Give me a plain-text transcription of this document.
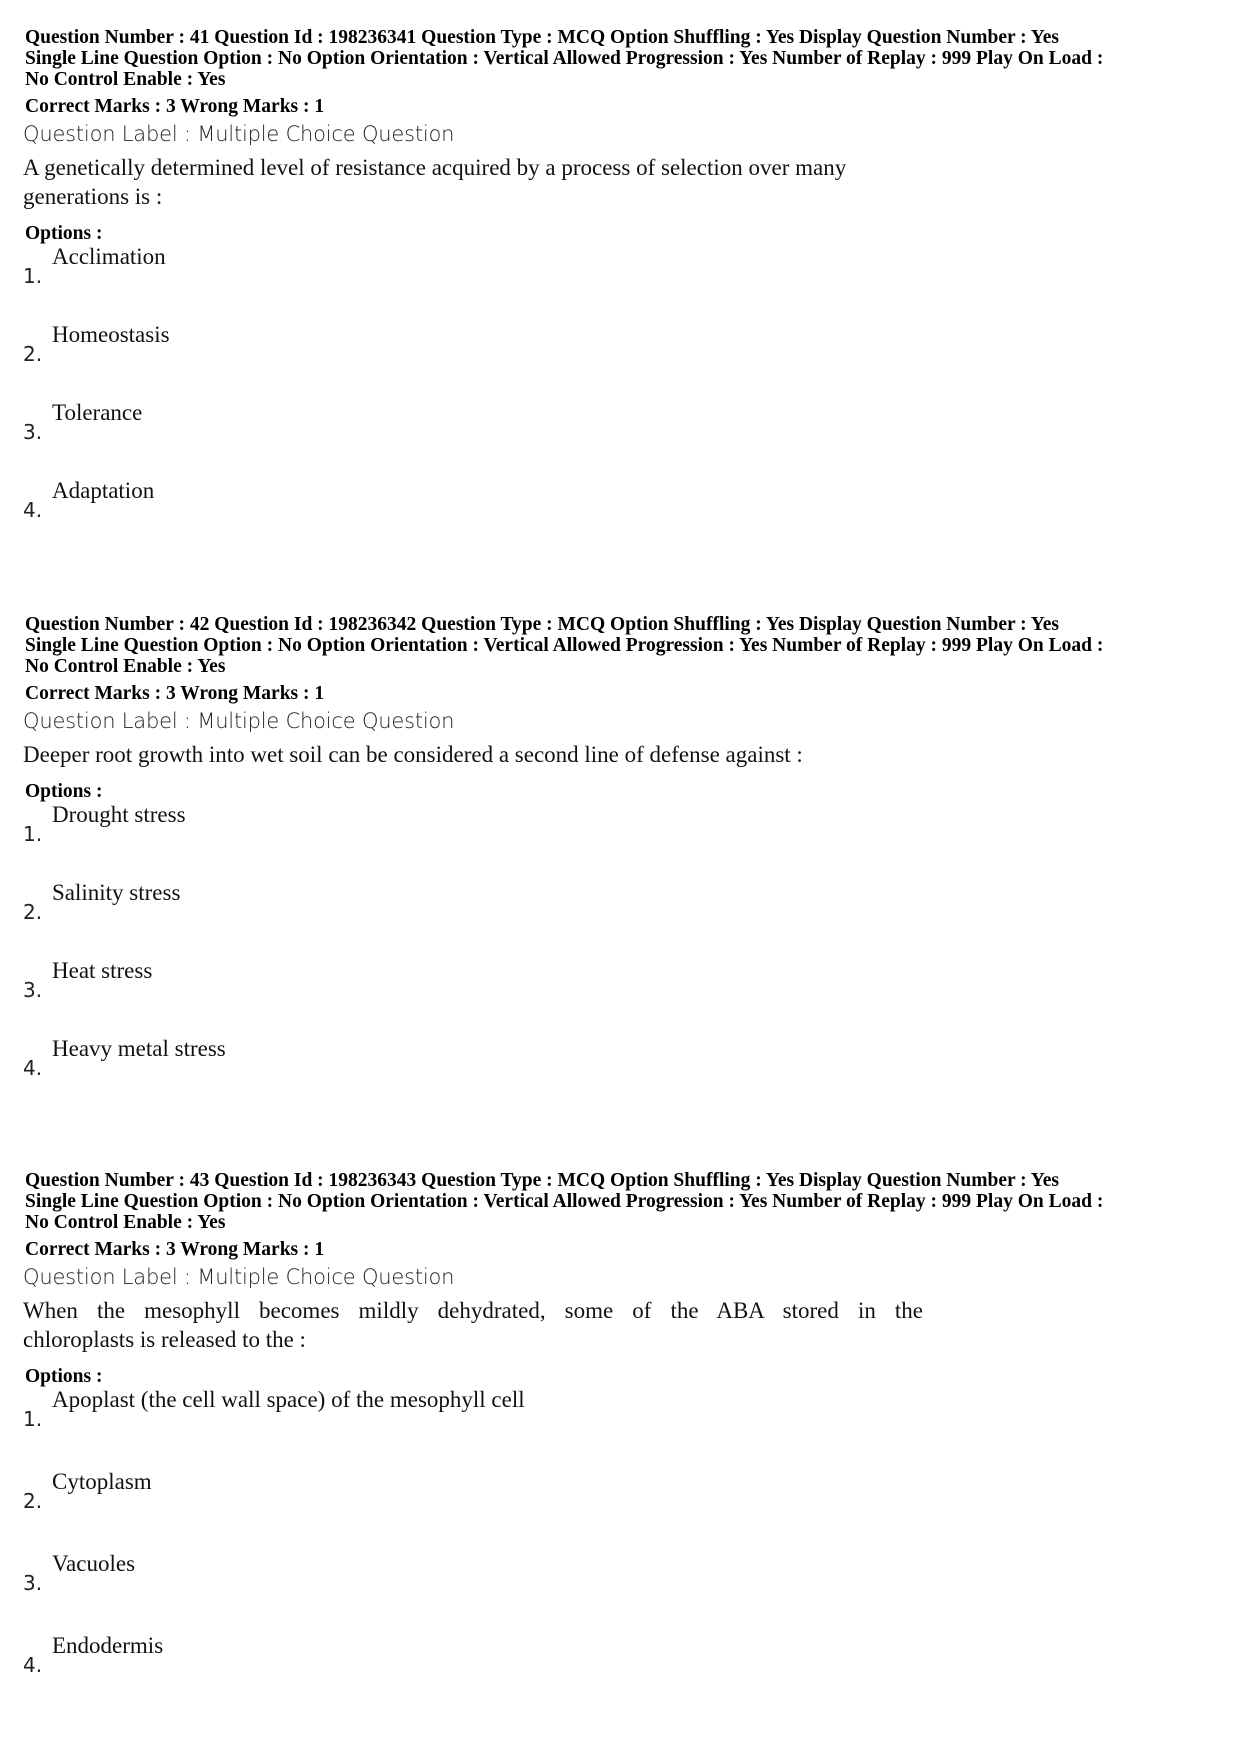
Question Number : 41 Question Id : 198236341 Question Type : MCQ Option Shuffling : Yes Display Question Number : Yes

Single Line Question Option : No Option Orientation : Vertical Allowed Progression : Yes Number of Replay : 999 Play On Load :

No Control Enable : Yes

Correct Marks : 3 Wrong Marks : 1

Question Label : Multiple Choice Question

A genetically determined level of resistance acquired by a process of selection over many
generations is :

Options :

1.
Acclimation
2.
Homeostasis
3.
Tolerance
4.
Adaptation

Question Number : 42 Question Id : 198236342 Question Type : MCQ Option Shuffling : Yes Display Question Number : Yes

Single Line Question Option : No Option Orientation : Vertical Allowed Progression : Yes Number of Replay : 999 Play On Load :

No Control Enable : Yes

Correct Marks : 3 Wrong Marks : 1

Question Label : Multiple Choice Question

Deeper root growth into wet soil can be considered a second line of defense against :

Options :

1.
Drought stress
2.
Salinity stress
3.
Heat stress
4.
Heavy metal stress

Question Number : 43 Question Id : 198236343 Question Type : MCQ Option Shuffling : Yes Display Question Number : Yes

Single Line Question Option : No Option Orientation : Vertical Allowed Progression : Yes Number of Replay : 999 Play On Load :

No Control Enable : Yes

Correct Marks : 3 Wrong Marks : 1

Question Label : Multiple Choice Question

When the mesophyll becomes mildly dehydrated, some of the ABA stored in the
chloroplasts is released to the :

Options :

1.
Apoplast (the cell wall space) of the mesophyll cell
2.
Cytoplasm
3.
Vacuoles
4.
Endodermis
